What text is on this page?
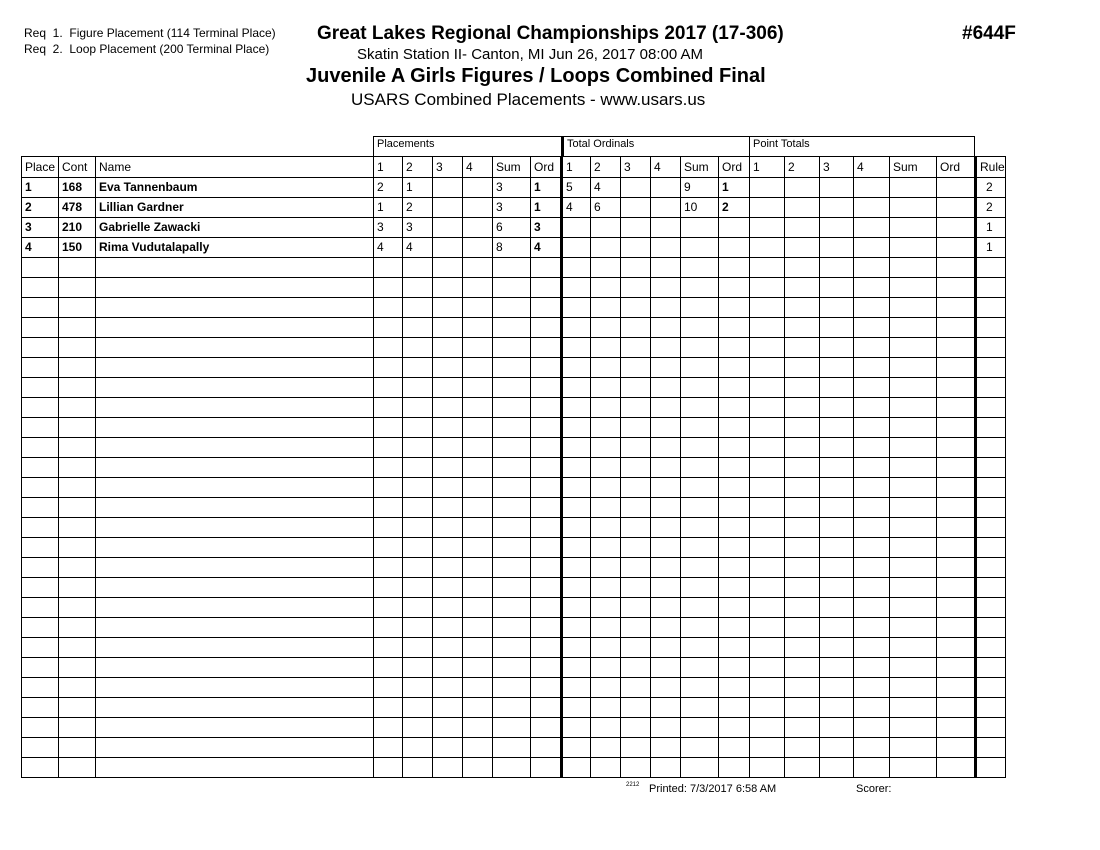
Req  1.  Figure Placement (114 Terminal Place)
Req  2.  Loop Placement (200 Terminal Place)
Great Lakes Regional Championships 2017 (17-306)
Skatin Station II- Canton, MI Jun 26, 2017 08:00 AM
Juvenile A Girls Figures / Loops Combined Final
USARS Combined Placements - www.usars.us
#644F
Placements	Total Ordinals	Point Totals
Place	Cont	Name	1	2	3	4	Sum	Ord	1	2	3	4	Sum	Ord	1	2	3	4	Sum	Ord	Rule
1	168	Eva Tannenbaum	2	1			3	1	5	4			9	1							2
2	478	Lillian Gardner	1	2			3	1	4	6			10	2							2
3	210	Gabrielle Zawacki	3	3			6	3													1
4	150	Rima Vudutalapally	4	4			8	4													1

2212 Printed: 7/3/2017 6:58 AM	Scorer:
